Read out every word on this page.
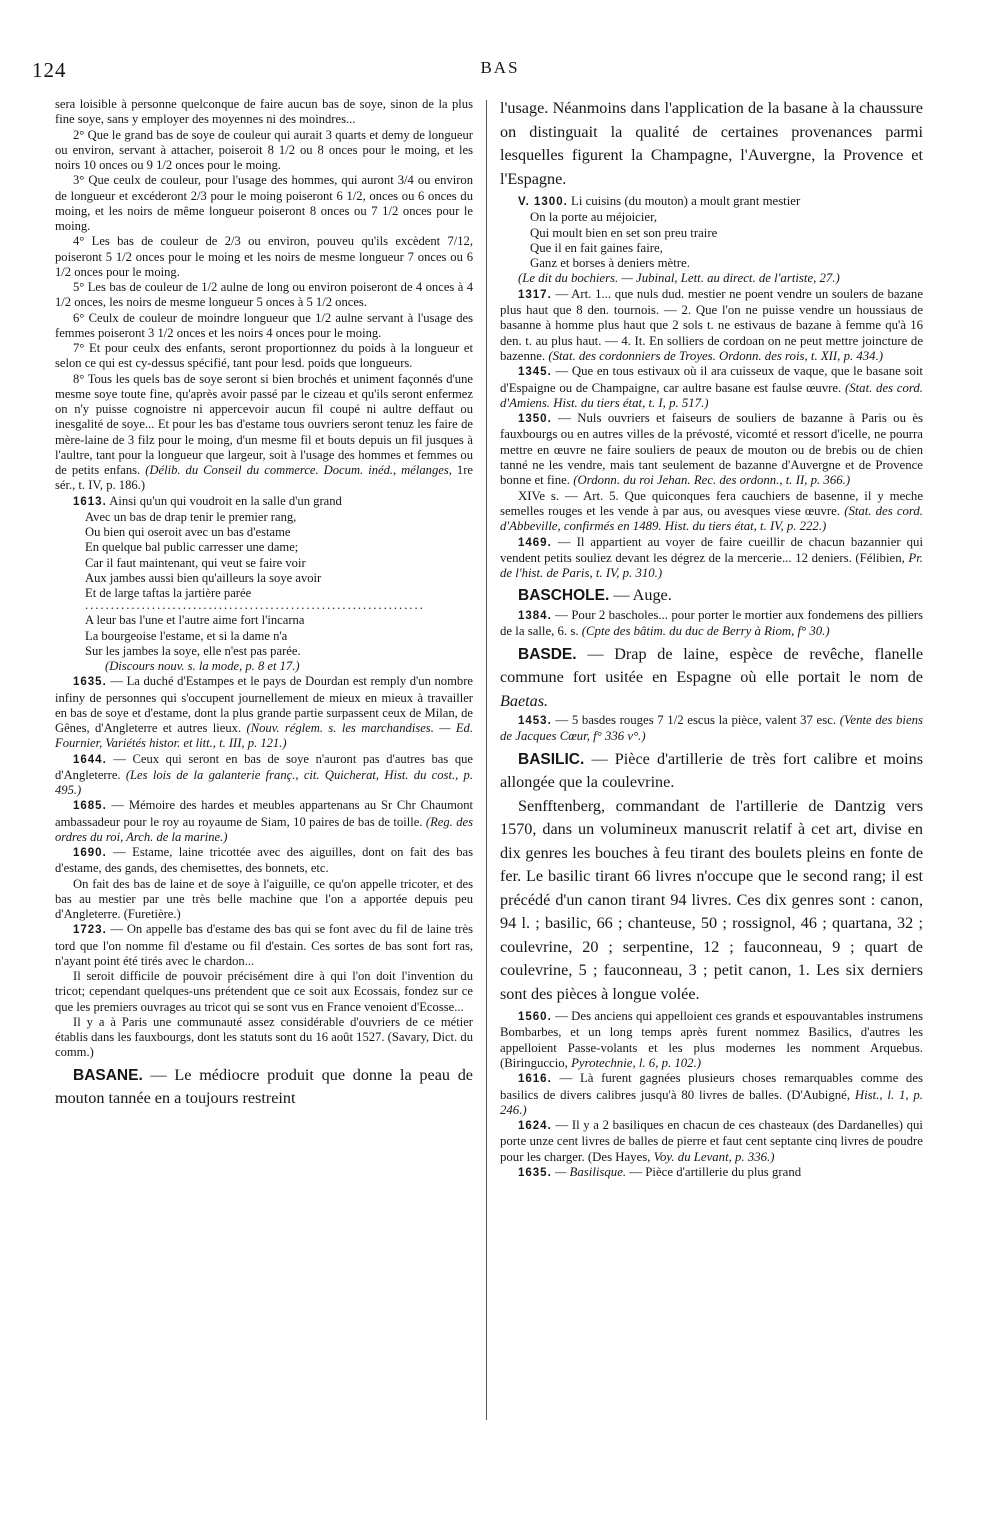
124	BAS

sera loisible à personne quelconque de faire aucun bas de soye, sinon de la plus fine soye, sans y employer des moyennes ni des moindres...

2° Que le grand bas de soye de couleur qui aurait 3 quarts et demy de longueur ou environ, servant à attacher, poiseroit 8 1/2 ou 8 onces pour le moing, et les noirs 10 onces ou 9 1/2 onces pour le moing.

3° Que ceulx de couleur, pour l'usage des hommes, qui auront 3/4 ou environ de longueur et excéderont 2/3 pour le moing poiseront 6 1/2, onces ou 6 onces du moing, et les noirs de même longueur poiseront 8 onces ou 7 1/2 onces pour le moing.

4° Les bas de couleur de 2/3 ou environ, pouveu qu'ils excèdent 7/12, poiseront 5 1/2 onces pour le moing et les noirs de mesme longueur 7 onces ou 6 1/2 onces pour le moing.

5° Les bas de couleur de 1/2 aulne de long ou environ poiseront de 4 onces à 4 1/2 onces, les noirs de mesme longueur 5 onces à 5 1/2 onces.

6° Ceulx de couleur de moindre longueur que 1/2 aulne servant à l'usage des femmes poiseront 3 1/2 onces et les noirs 4 onces pour le moing.

7° Et pour ceulx des enfants, seront proportionnez du poids à la longueur et selon ce qui est cy-dessus spécifié, tant pour lesd. poids que longueurs.

8° Tous les quels bas de soye seront si bien brochés et uniment façonnés d'une mesme soye toute fine, qu'après avoir passé par le cizeau et qu'ils seront enfermez on n'y puisse cognoistre ni appercevoir aucun fil coupé ni aultre deffaut ou inesgalité de soye... Et pour les bas d'estame tous ouvriers seront tenuz les faire de mère-laine de 3 filz pour le moing, d'un mesme fil et bouts depuis un fil jusques à l'aultre, tant pour la longueur que largeur, soit à l'usage des hommes et femmes ou de petits enfans. (Délib. du Conseil du commerce. Docum. inéd., mélanges, 1re sér., t. IV, p. 186.)

1613. Ainsi qu'un qui voudroit en la salle d'un grand

Avec un bas de drap tenir le premier rang,

Ou bien qui oseroit avec un bas d'estame

En quelque bal public carresser une dame;

Car il faut maintenant, qui veut se faire voir

Aux jambes aussi bien qu'ailleurs la soye avoir

Et de large taftas la jartière parée

..................................................................

A leur bas l'une et l'autre aime fort l'incarna

La bourgeoise l'estame, et si la dame n'a

Sur les jambes la soye, elle n'est pas parée.

(Discours nouv. s. la mode, p. 8 et 17.)

1635. — La duché d'Estampes et le pays de Dourdan est remply d'un nombre infiny de personnes qui s'occupent journellement de mieux en mieux à travailler en bas de soye et d'estame, dont la plus grande partie surpassent ceux de Milan, de Gênes, d'Angleterre et autres lieux. (Nouv. réglem. s. les marchandises. — Ed. Fournier, Variétés histor. et litt., t. III, p. 121.)

1644. — Ceux qui seront en bas de soye n'auront pas d'autres bas que d'Angleterre. (Les lois de la galanterie franç., cit. Quicherat, Hist. du cost., p. 495.)

1685. — Mémoire des hardes et meubles appartenans au Sr Chr Chaumont ambassadeur pour le roy au royaume de Siam, 10 paires de bas de toille. (Reg. des ordres du roi, Arch. de la marine.)

1690. — Estame, laine tricottée avec des aiguilles, dont on fait des bas d'estame, des gands, des chemisettes, des bonnets, etc.

On fait des bas de laine et de soye à l'aiguille, ce qu'on appelle tricoter, et des bas au mestier par une très belle machine que l'on a apportée depuis peu d'Angleterre. (Furetière.)

1723. — On appelle bas d'estame des bas qui se font avec du fil de laine très tord que l'on nomme fil d'estame ou fil d'estain. Ces sortes de bas sont fort ras, n'ayant point été tirés avec le chardon...

Il seroit difficile de pouvoir précisément dire à qui l'on doit l'invention du tricot; cependant quelques-uns prétendent que ce soit aux Ecossais, fondez sur ce que les premiers ouvrages au tricot qui se sont vus en France venoient d'Ecosse...

Il y a à Paris une communauté assez considérable d'ouvriers de ce métier établis dans les fauxbourgs, dont les statuts sont du 16 août 1527. (Savary, Dict. du comm.)

BASANE. — Le médiocre produit que donne la peau de mouton tannée en a toujours restreint

l'usage. Néanmoins dans l'application de la basane à la chaussure on distinguait la qualité de certaines provenances parmi lesquelles figurent la Champagne, l'Auvergne, la Provence et l'Espagne.

V. 1300. Li cuisins (du mouton) a moult grant mestier

On la porte au méjoicier,

Qui moult bien en set son preu traire

Que il en fait gaines faire,

Ganz et borses à deniers mètre.

(Le dit du bochiers. — Jubinal, Lett. au direct. de l'artiste, 27.)

1317. — Art. 1... que nuls dud. mestier ne poent vendre un soulers de bazane plus haut que 8 den. tournois. — 2. Que l'on ne puisse vendre un houssiaus de basanne à homme plus haut que 2 sols t. ne estivaus de bazane à femme qu'à 16 den. t. au plus haut. — 4. It. En solliers de cordoan on ne peut mettre joincture de bazenne. (Stat. des cordonniers de Troyes. Ordonn. des rois, t. XII, p. 434.)

1345. — Que en tous estivaux où il ara cuisseux de vaque, que le basane soit d'Espaigne ou de Champaigne, car aultre basane est faulse œuvre. (Stat. des cord. d'Amiens. Hist. du tiers état, t. I, p. 517.)

1350. — Nuls ouvriers et faiseurs de souliers de bazanne à Paris ou ès fauxbourgs ou en autres villes de la prévosté, vicomté et ressort d'icelle, ne pourra mettre en œuvre ne faire souliers de peaux de mouton ou de brebis ou de chien tanné ne les vendre, mais tant seulement de bazanne d'Auvergne et de Provence bonne et fine. (Ordonn. du roi Jehan. Rec. des ordonn., t. II, p. 366.)

XIVe s. — Art. 5. Que quiconques fera cauchiers de basenne, il y meche semelles rouges et les vende à par aus, ou avesques viese œuvre. (Stat. des cord. d'Abbeville, confirmés en 1489. Hist. du tiers état, t. IV, p. 222.)

1469. — Il appartient au voyer de faire cueillir de chacun bazannier qui vendent petits souliez devant les dégrez de la mercerie... 12 deniers. (Félibien, Pr. de l'hist. de Paris, t. IV, p. 310.)

BASCHOLE. — Auge.

1384. — Pour 2 bascholes... pour porter le mortier aux fondemens des pilliers de la salle, 6. s. (Cpte des bâtim. du duc de Berry à Riom, f° 30.)

BASDE. — Drap de laine, espèce de revêche, flanelle commune fort usitée en Espagne où elle portait le nom de Baetas.

1453. — 5 basdes rouges 7 1/2 escus la pièce, valent 37 esc. (Vente des biens de Jacques Cœur, f° 336 v°.)

BASILIC. — Pièce d'artillerie de très fort calibre et moins allongée que la coulevrine.

Senfftenberg, commandant de l'artillerie de Dantzig vers 1570, dans un volumineux manuscrit relatif à cet art, divise en dix genres les bouches à feu tirant des boulets pleins en fonte de fer. Le basilic tirant 66 livres n'occupe que le second rang; il est précédé d'un canon tirant 94 livres. Ces dix genres sont : canon, 94 l. ; basilic, 66 ; chanteuse, 50 ; rossignol, 46 ; quartana, 32 ; coulevrine, 20 ; serpentine, 12 ; fauconneau, 9 ; quart de coulevrine, 5 ; fauconneau, 3 ; petit canon, 1. Les six derniers sont des pièces à longue volée.

1560. — Des anciens qui appelloient ces grands et espouvantables instrumens Bombarbes, et un long temps après furent nommez Basilics, d'autres les appelloient Passe-volants et les plus modernes les nomment Arquebus. (Biringuccio, Pyrotechnie, l. 6, p. 102.)

1616. — Là furent gagnées plusieurs choses remarquables comme des basilics de divers calibres jusqu'à 80 livres de balles. (D'Aubigné, Hist., l. 1, p. 246.)

1624. — Il y a 2 basiliques en chacun de ces chasteaux (des Dardanelles) qui porte unze cent livres de balles de pierre et faut cent septante cinq livres de poudre pour les charger. (Des Hayes, Voy. du Levant, p. 336.)

1635. — Basilisque. — Pièce d'artillerie du plus grand
